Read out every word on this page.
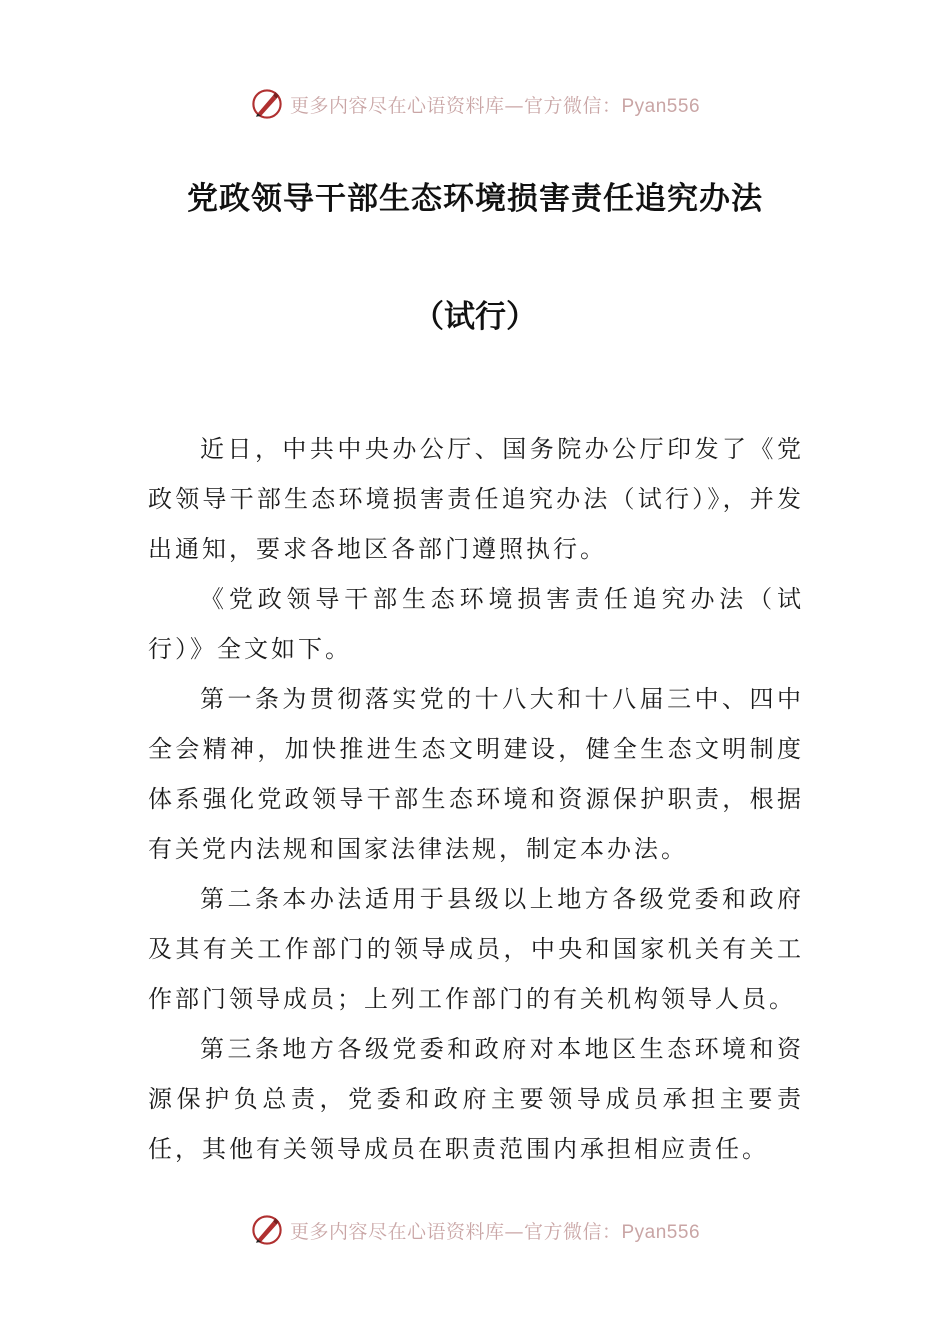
更多内容尽在心语资料库—官方微信：Pyan556
党政领导干部生态环境损害责任追究办法
（试行）

近日，中共中央办公厅、国务院办公厅印发了《党政领导干部生态环境损害责任追究办法（试行）》，并发出通知，要求各地区各部门遵照执行。

《党政领导干部生态环境损害责任追究办法（试行）》全文如下。

第一条为贯彻落实党的十八大和十八届三中、四中全会精神，加快推进生态文明建设，健全生态文明制度体系强化党政领导干部生态环境和资源保护职责，根据有关党内法规和国家法律法规，制定本办法。

第二条本办法适用于县级以上地方各级党委和政府及其有关工作部门的领导成员，中央和国家机关有关工作部门领导成员；上列工作部门的有关机构领导人员。

第三条地方各级党委和政府对本地区生态环境和资源保护负总责，党委和政府主要领导成员承担主要责任，其他有关领导成员在职责范围内承担相应责任。

更多内容尽在心语资料库—官方微信：Pyan556
